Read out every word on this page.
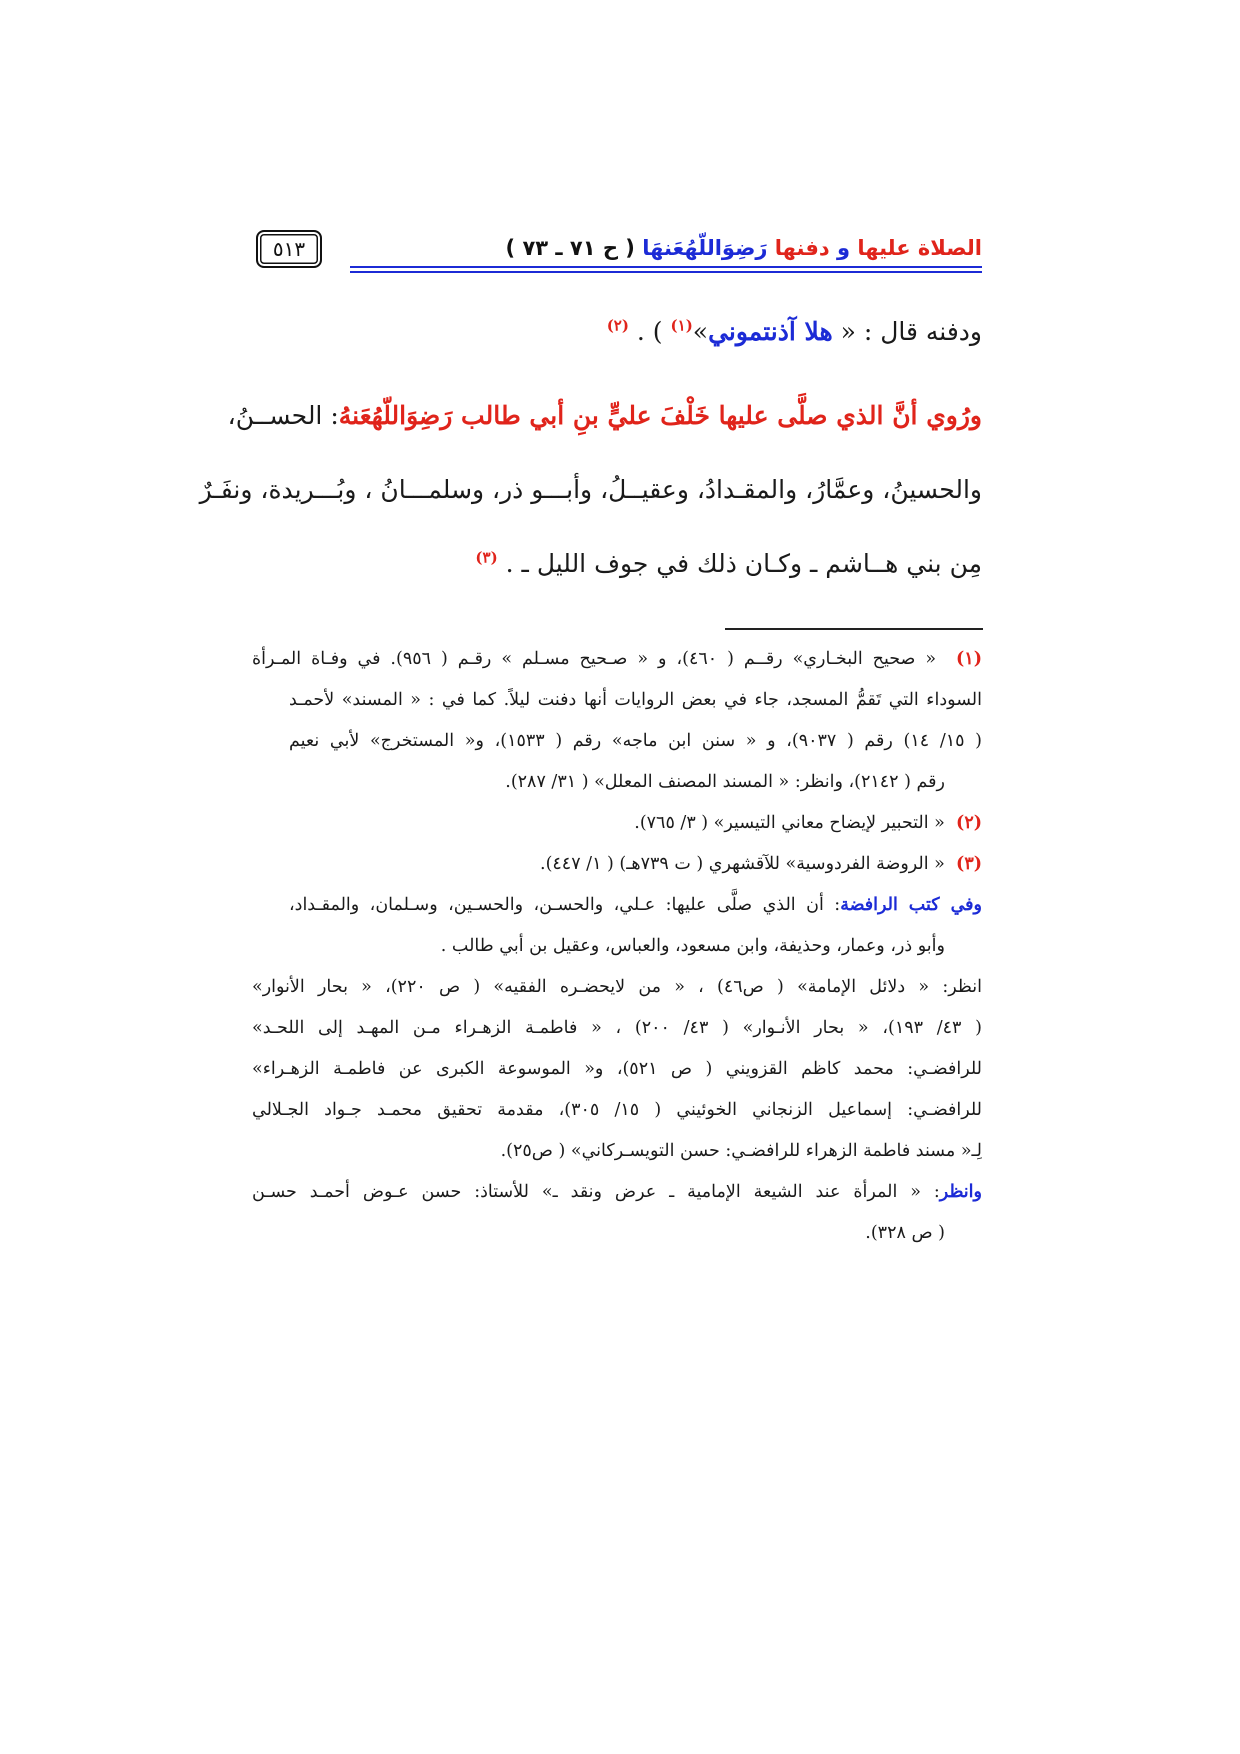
الصلاة عليها و دفنها رَضِوَاللّهُعَنهَا ( ح ٧١ ـ ٧٣ )
٥١٣
ودفنه قال : « هلا آذنتموني»$^{(١)}$ ) . $^{(٢)}$
ورُوي أنَّ الذي صلَّى عليها خَلْفَ عليٍّ بنِ أبي طالب رَضِوَاللّهُعَنهُ: الحســنُ،
والحسينُ، وعمَّارُ، والمقـدادُ، وعقيــلُ، وأبـــو ذر، وسلمـــانُ ، وبُـــريدة، ونفَـرٌ
مِن بني هــاشم ـ وكـان ذلك في جوف الليل ـ . $^{(٣)}$
(١)  « صحيح البخـاري» رقــم ( ٤٦٠)، و « صـحيح مسـلم » رقـم ( ٩٥٦). في وفـاة المـرأة
السوداء التي تَقمُّ المسجد، جاء في بعض الروايات أنها دفنت ليلاً. كما في : « المسند» لأحمـد
( ١٥/ ١٤) رقم ( ٩٠٣٧)، و « سنن ابن ماجه» رقم ( ١٥٣٣)، و« المستخرج» لأبي نعيم
رقم ( ٢١٤٢)، وانظر: « المسند المصنف المعلل» ( ٣١/ ٢٨٧).
(٢)  « التحبير لإيضاح معاني التيسير» ( ٣/ ٧٦٥).
(٣)  « الروضة الفردوسية» للآقشهري ( ت ٧٣٩هـ) ( ١/ ٤٤٧).
وفي كتب الرافضة: أن الذي صلَّى عليها: عـلي، والحسـن، والحسـين، وسـلمان، والمقـداد،
وأبو ذر، وعمار، وحذيفة، وابن مسعود، والعباس، وعقيل بن أبي طالب .
انظر: « دلائل الإمامة» ( ص٤٦) ، « من لايحضـره الفقيه» ( ص ٢٢٠)، « بحار الأنوار»
( ٤٣/ ١٩٣)، « بحار الأنـوار» ( ٤٣/ ٢٠٠) ، « فاطمـة الزهـراء مـن المهـد إلى اللحـد»
للرافضـي: محمد كاظم القزويني ( ص ٥٢١)، و« الموسوعة الكبرى عن فاطمـة الزهـراء»
للرافضـي: إسماعيل الزنجاني الخوئيني ( ١٥/ ٣٠٥)، مقدمة تحقيق محمـد جـواد الجـلالي
لِـ« مسند فاطمة الزهراء للرافضـي: حسن التويسـركاني» ( ص٢٥).
وانظر: « المرأة عند الشيعة الإمامية ـ عرض ونقد ـ» للأستاذ: حسن عـوض أحمـد حسـن
( ص ٣٢٨).
